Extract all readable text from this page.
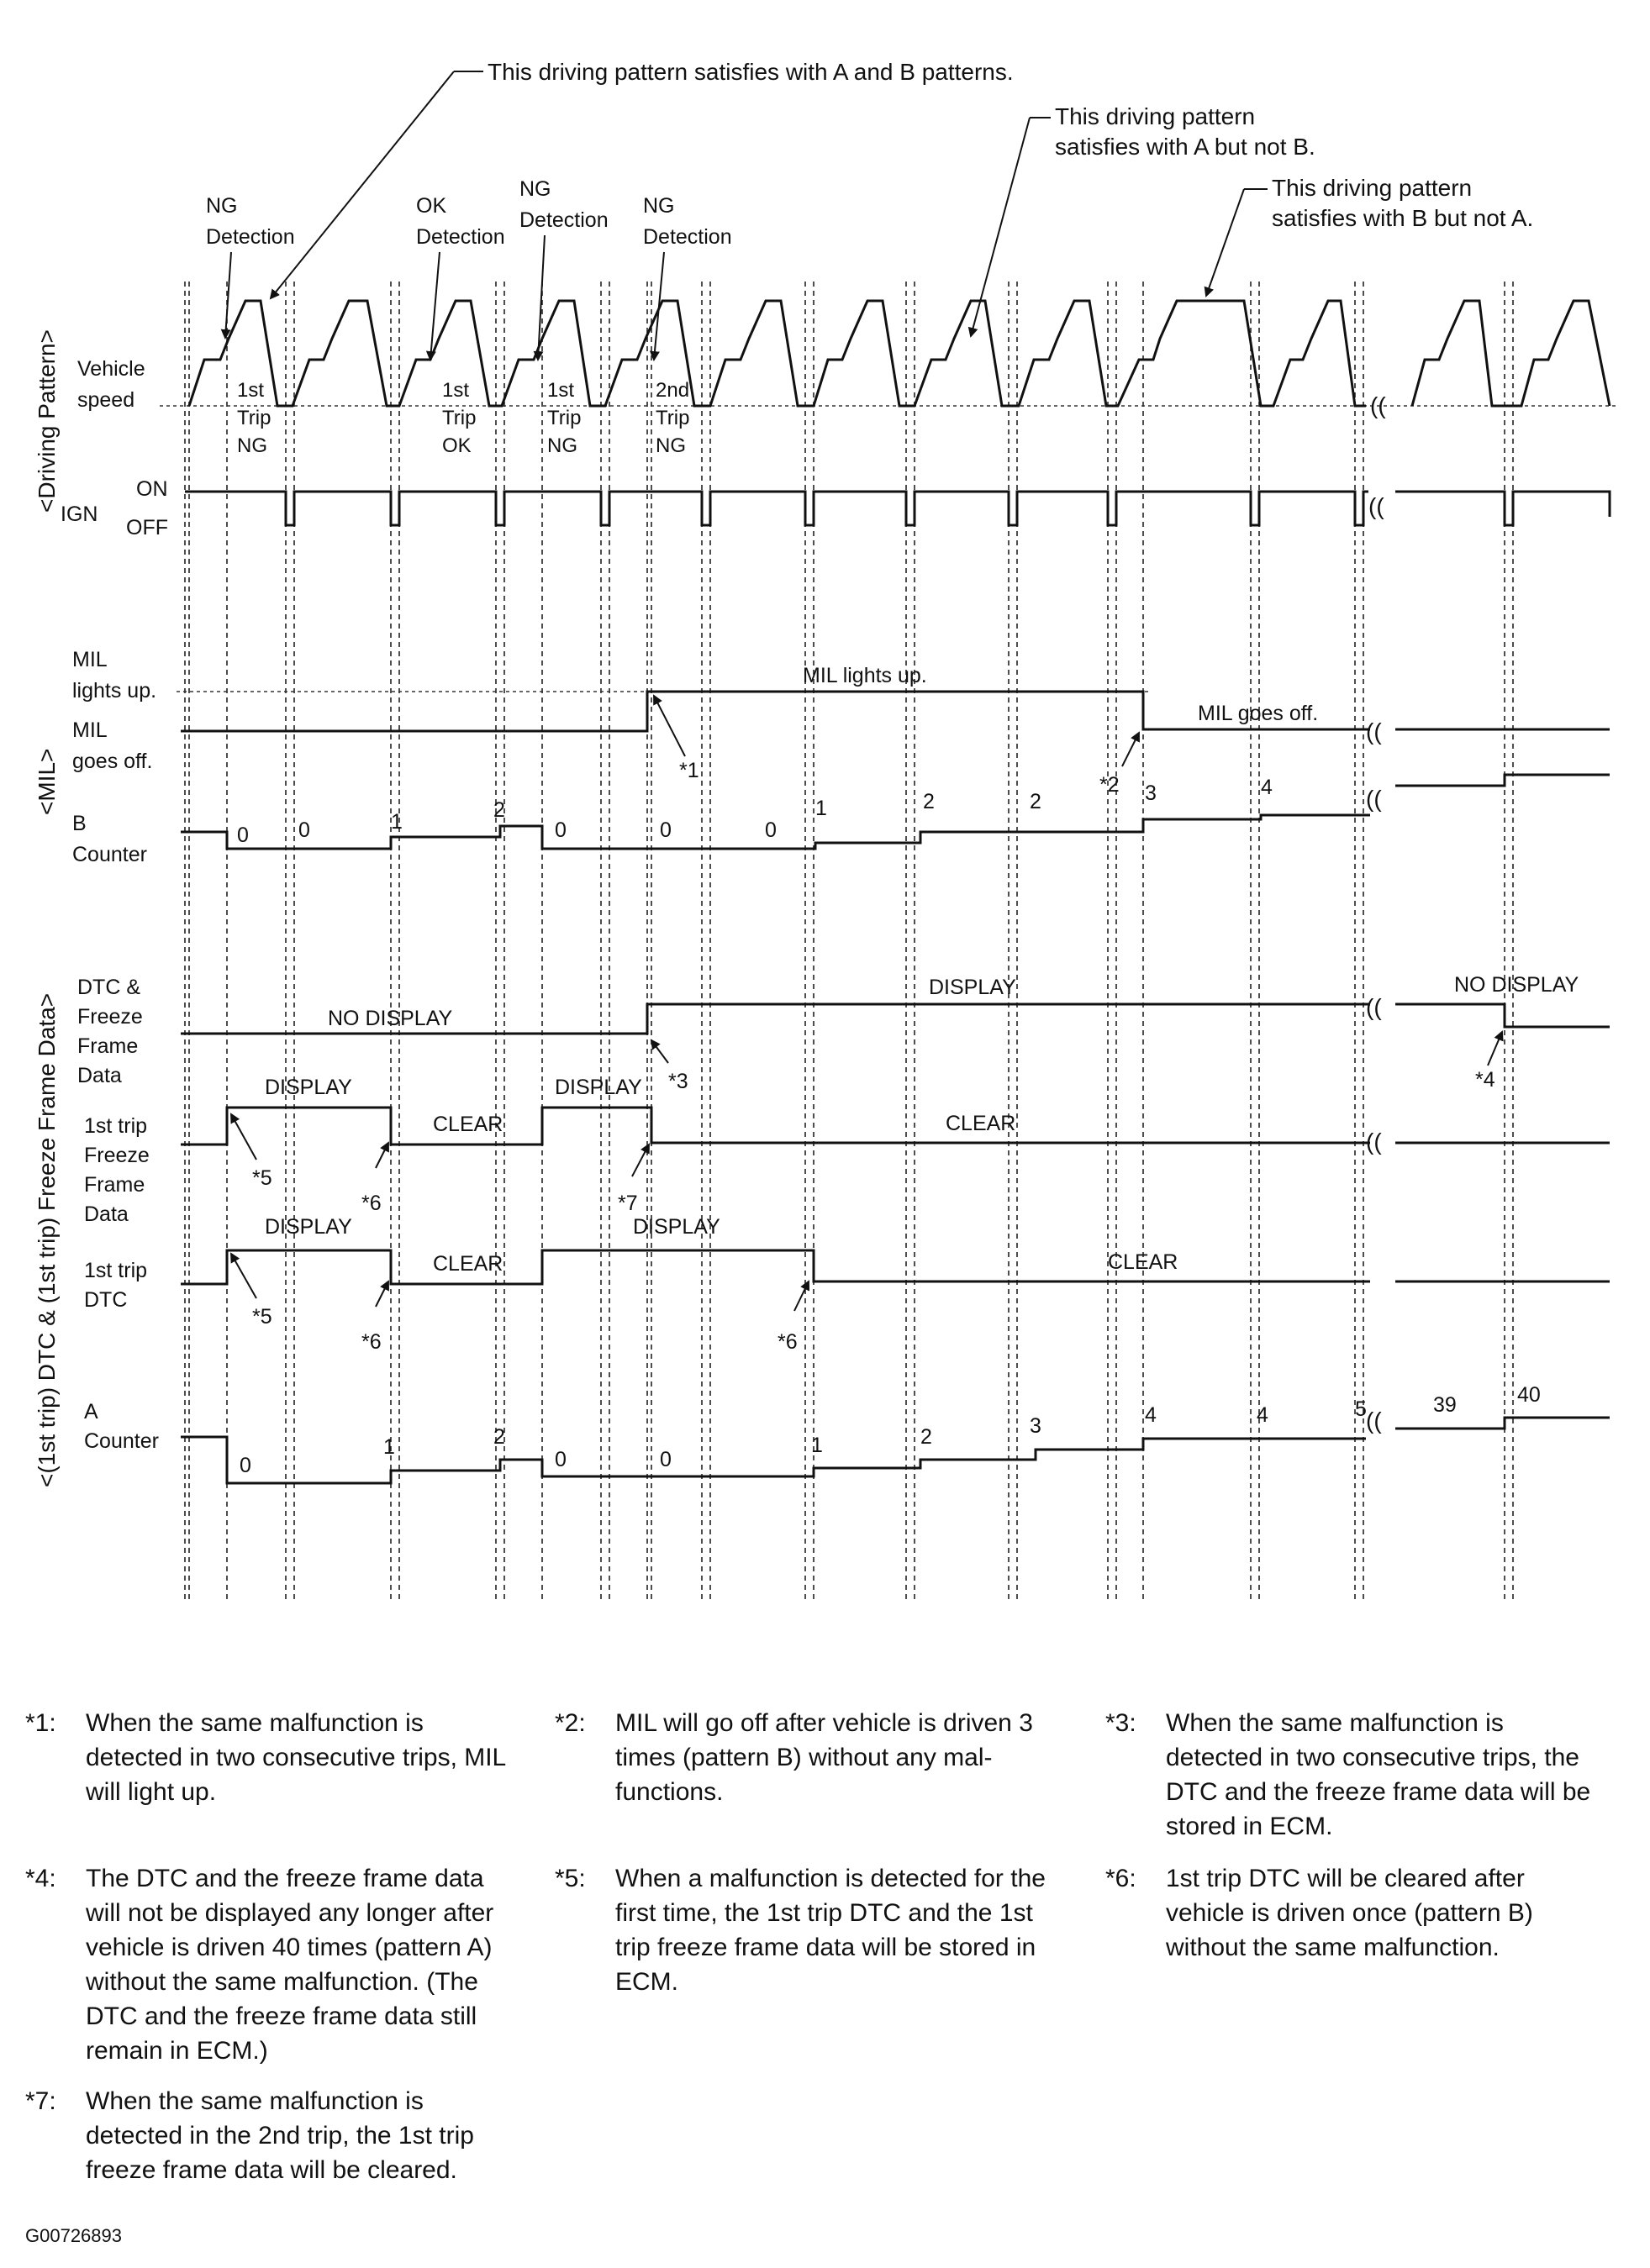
This driving pattern satisfies with A and B patterns.
This driving pattern
satisfies with A but not B.
This driving pattern
satisfies with B but not A.
NG
Detection
OK
Detection
NG
Detection
NG
Detection
1st
Trip
NG
1st
Trip
OK
1st
Trip
NG
2nd
Trip
NG
<Driving Pattern>
<MIL>
<(1st trip) DTC & (1st trip) Freeze Frame Data>
Vehicle
speed
IGN
ON
OFF
MIL
lights up.
MIL
goes off.
B
Counter
DTC &
Freeze
Frame
Data
1st trip
Freeze
Frame
Data
1st trip
DTC
A
Counter
((
((
((
MIL lights up.
MIL goes off.
*1
*2
((
0 0	1	2
0	0	0
1	2	2	3	4
((
NO DISPLAY
DISPLAY	NO DISPLAY
*3	*4
((
DISPLAY
CLEAR
DISPLAY
CLEAR
*5
*6	*7
DISPLAY
CLEAR
DISPLAY
CLEAR
*5
*6	*6
((
0
1	2
0	0
1	2	3	4	4	5	39	40
*1: When the same malfunction is detected in two consecutive trips, MIL will light up.
*2: MIL will go off after vehicle is driven 3 times (pattern B) without any mal- functions.
*3: When the same malfunction is detected in two consecutive trips, the DTC and the freeze frame data will be stored in ECM.
*4: The DTC and the freeze frame data will not be displayed any longer after vehicle is driven 40 times (pattern A) without the same malfunction. (The DTC and the freeze frame data still remain in ECM.)
*5: When a malfunction is detected for the first time, the 1st trip DTC and the 1st trip freeze frame data will be stored in ECM.
*6: 1st trip DTC will be cleared after vehicle is driven once (pattern B) without the same malfunction.
*7: When the same malfunction is detected in the 2nd trip, the 1st trip freeze frame data will be cleared.
G00726893
